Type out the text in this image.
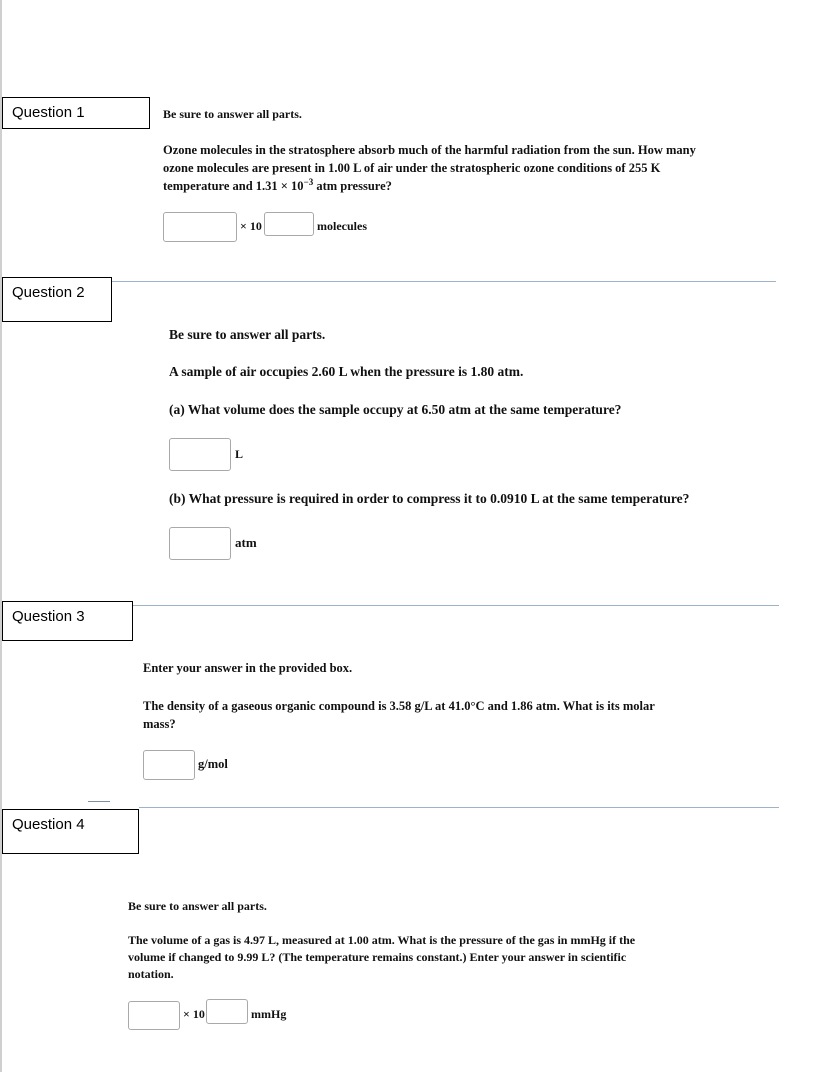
Question 1	Be sure to answer all parts.
Ozone molecules in the stratosphere absorb much of the harmful radiation from the sun. How many
ozone molecules are present in 1.00 L of air under the stratospheric ozone conditions of 255 K
temperature and $1.31 \times 10^{-3}$ atm pressure?
× 10	molecules
Question 2
Be sure to answer all parts.
A sample of air occupies 2.60 L when the pressure is 1.80 atm.
(a) What volume does the sample occupy at 6.50 atm at the same temperature?
L
(b) What pressure is required in order to compress it to 0.0910 L at the same temperature?
atm
Question 3
Enter your answer in the provided box.
The density of a gaseous organic compound is 3.58 g/L at 41.0°C and 1.86 atm. What is its molar
mass?
g/mol
Question 4
Be sure to answer all parts.
The volume of a gas is 4.97 L, measured at 1.00 atm. What is the pressure of the gas in mmHg if the
volume if changed to 9.99 L? (The temperature remains constant.) Enter your answer in scientific
notation.
× 10	mmHg
